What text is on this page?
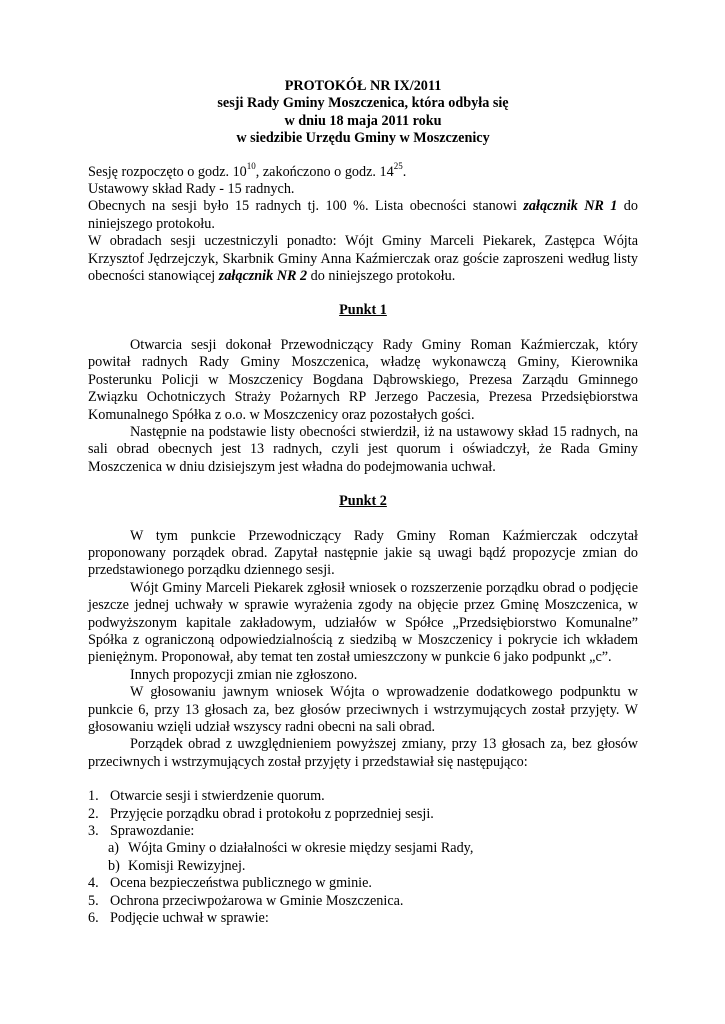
PROTOKÓŁ NR IX/2011
sesji Rady Gminy Moszczenica, która odbyła się
w dniu 18 maja 2011 roku
w siedzibie Urzędu Gminy w Moszczenicy

Sesję rozpoczęto o godz. $10^{10}$, zakończono o godz. $14^{25}$.

Ustawowy skład Rady - 15 radnych.

Obecnych na sesji było 15 radnych tj. 100 %. Lista obecności stanowi załącznik NR 1 do niniejszego protokołu.

W obradach sesji uczestniczyli ponadto: Wójt Gminy Marceli Piekarek, Zastępca Wójta Krzysztof Jędrzejczyk, Skarbnik Gminy Anna Kaźmierczak oraz goście zaproszeni według listy obecności stanowiącej załącznik NR 2 do niniejszego protokołu.

Punkt 1

Otwarcia sesji dokonał Przewodniczący Rady Gminy Roman Kaźmierczak, który powitał radnych Rady Gminy Moszczenica, władzę wykonawczą Gminy, Kierownika Posterunku Policji w Moszczenicy Bogdana Dąbrowskiego, Prezesa Zarządu Gminnego Związku Ochotniczych Straży Pożarnych RP Jerzego Paczesia, Prezesa Przedsiębiorstwa Komunalnego Spółka z o.o. w Moszczenicy oraz pozostałych gości.

Następnie na podstawie listy obecności stwierdził, iż na ustawowy skład 15 radnych, na sali obrad obecnych jest 13 radnych, czyli jest quorum i oświadczył, że Rada Gminy Moszczenica w dniu dzisiejszym jest władna do podejmowania uchwał.

Punkt 2

W tym punkcie Przewodniczący Rady Gminy Roman Kaźmierczak odczytał proponowany porządek obrad. Zapytał następnie jakie są uwagi bądź propozycje zmian do przedstawionego porządku dziennego sesji.

Wójt Gminy Marceli Piekarek zgłosił wniosek o rozszerzenie porządku obrad o podjęcie jeszcze jednej uchwały w sprawie wyrażenia zgody na objęcie przez Gminę Moszczenica, w podwyższonym kapitale zakładowym, udziałów w Spółce „Przedsiębiorstwo Komunalne” Spółka z ograniczoną odpowiedzialnością z siedzibą w Moszczenicy i pokrycie ich wkładem pieniężnym. Proponował, aby temat ten został umieszczony w punkcie 6 jako podpunkt „c”.

Innych propozycji zmian nie zgłoszono.

W głosowaniu jawnym wniosek Wójta o wprowadzenie dodatkowego podpunktu w punkcie 6, przy 13 głosach za, bez głosów przeciwnych i wstrzymujących został przyjęty. W głosowaniu wzięli udział wszyscy radni obecni na sali obrad.

Porządek obrad z uwzględnieniem powyższej zmiany, przy 13 głosach za, bez głosów przeciwnych i wstrzymujących został przyjęty i przedstawiał się następująco:

1. Otwarcie sesji i stwierdzenie quorum.
2. Przyjęcie porządku obrad i protokołu z poprzedniej sesji.
3. Sprawozdanie:
a) Wójta Gminy o działalności w okresie między sesjami Rady,
b) Komisji Rewizyjnej.
4. Ocena bezpieczeństwa publicznego w gminie.
5. Ochrona przeciwpożarowa w Gminie Moszczenica.
6. Podjęcie uchwał w sprawie:
